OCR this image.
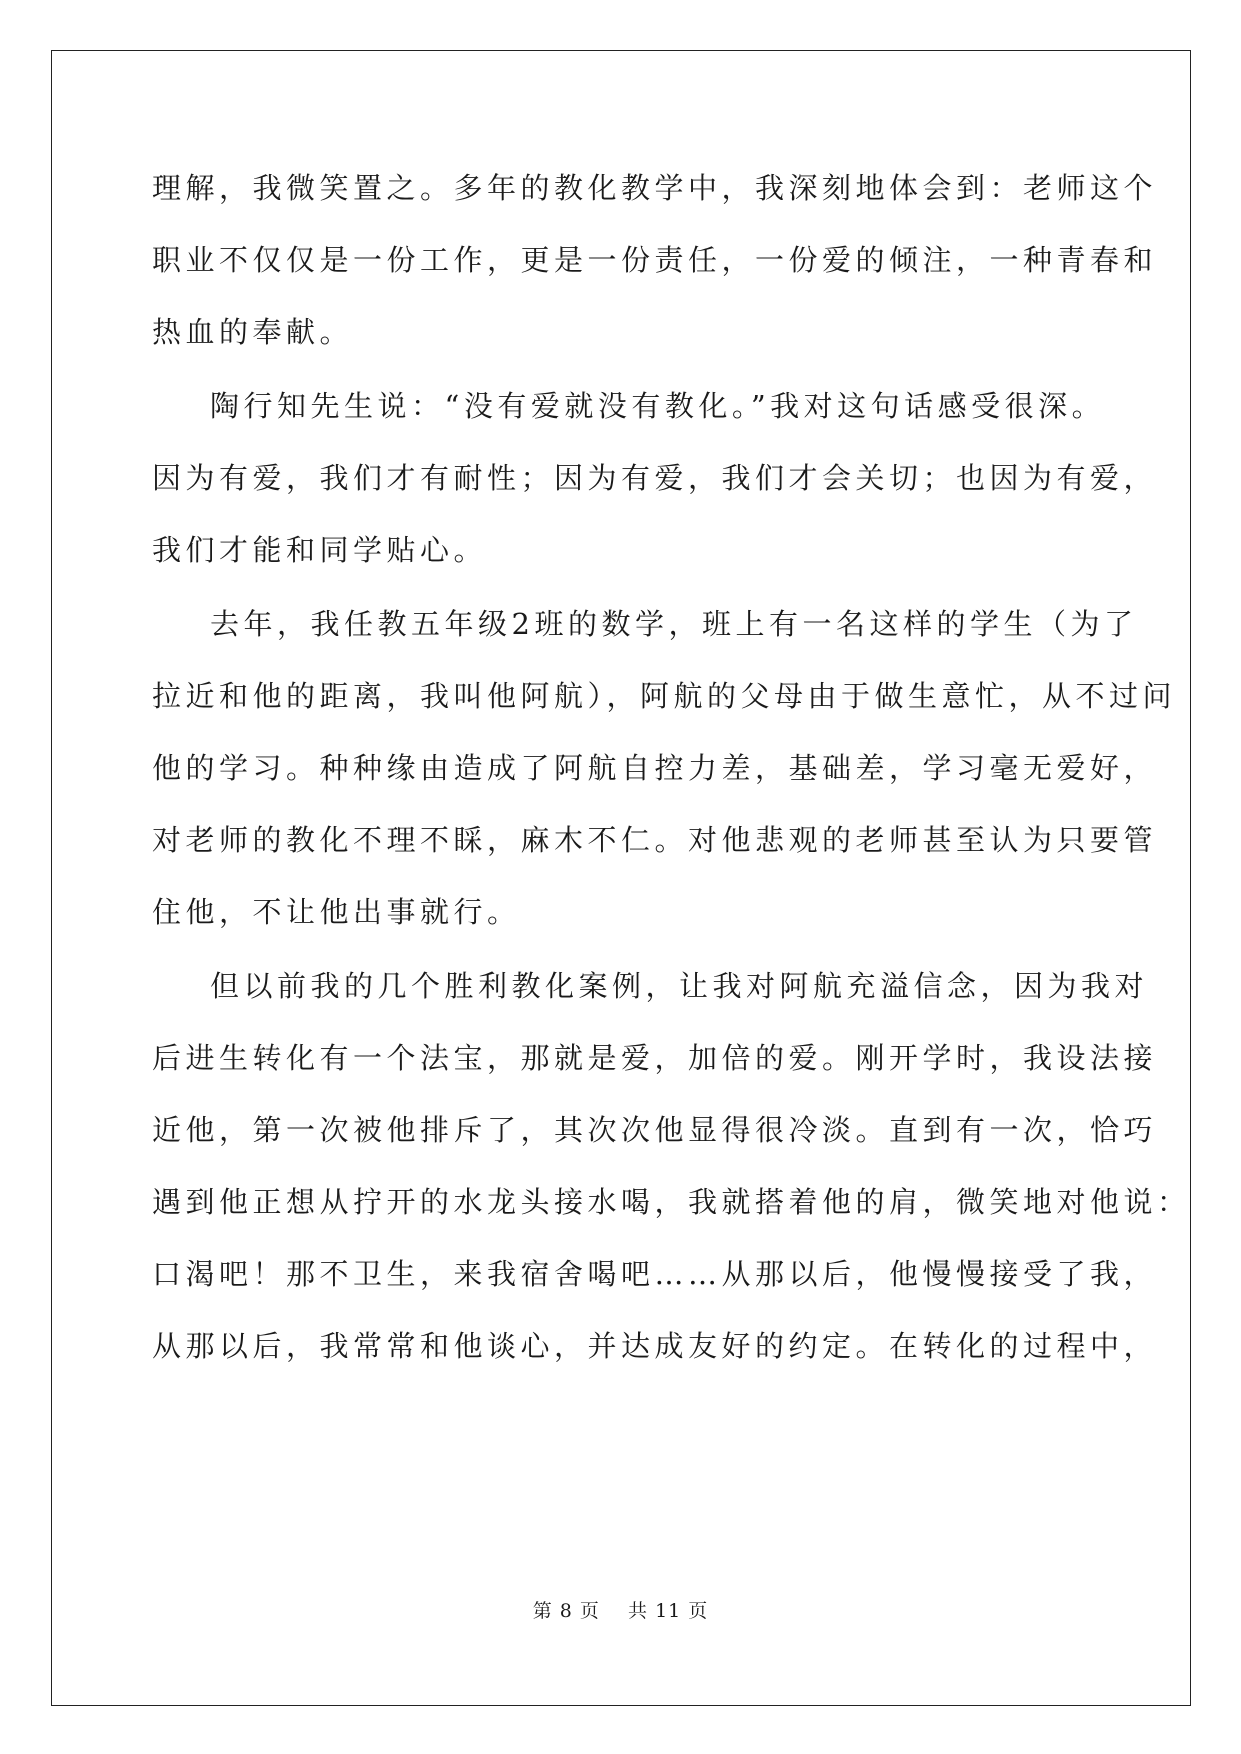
理解，我微笑置之。多年的教化教学中，我深刻地体会到：老师这个
职业不仅仅是一份工作，更是一份责任，一份爱的倾注，一种青春和
热血的奉献。
陶行知先生说：“没有爱就没有教化。”我对这句话感受很深。
因为有爱，我们才有耐性；因为有爱，我们才会关切；也因为有爱，
我们才能和同学贴心。
去年，我任教五年级2班的数学，班上有一名这样的学生（为了
拉近和他的距离，我叫他阿航），阿航的父母由于做生意忙，从不过问
他的学习。种种缘由造成了阿航自控力差，基础差，学习毫无爱好，
对老师的教化不理不睬，麻木不仁。对他悲观的老师甚至认为只要管
住他，不让他出事就行。
但以前我的几个胜利教化案例，让我对阿航充溢信念，因为我对
后进生转化有一个法宝，那就是爱，加倍的爱。刚开学时，我设法接
近他，第一次被他排斥了，其次次他显得很冷淡。直到有一次，恰巧
遇到他正想从拧开的水龙头接水喝，我就搭着他的肩，微笑地对他说：
口渴吧！那不卫生，来我宿舍喝吧……从那以后，他慢慢接受了我，
从那以后，我常常和他谈心，并达成友好的约定。在转化的过程中，
第 8 页    共 11 页
